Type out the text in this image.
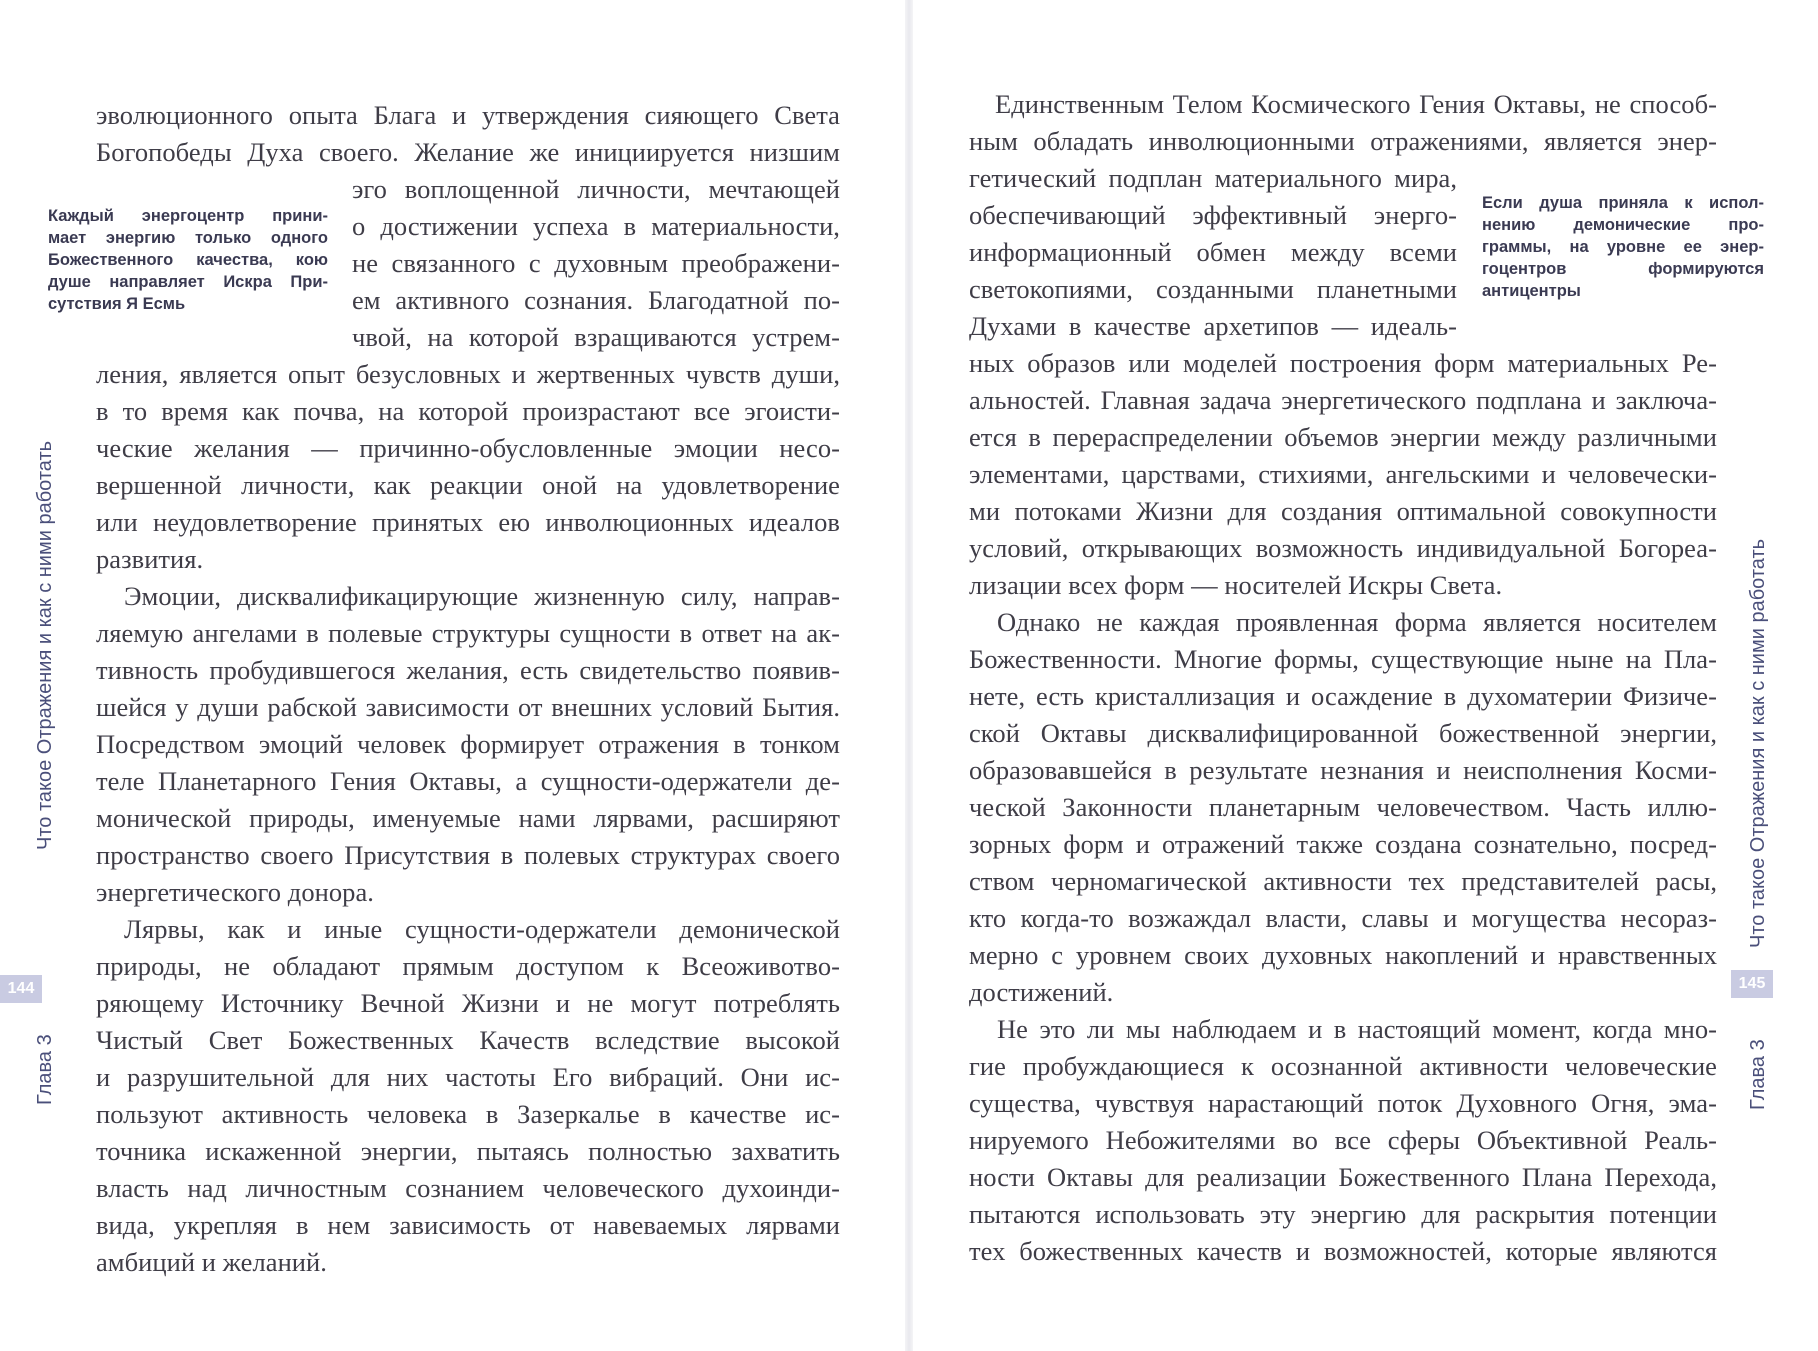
Что такое Отражения и как с ними работать
144
Глава 3
Каждый энергоцентр прини-
мает энергию только одного
Божественного качества, кою
душе направляет Искра При-
сутствия Я Есмь
эволюционного опыта Блага и утверждения сияющего Света
Богопобеды Духа своего. Желание же инициируется низшим
эго воплощенной личности, мечтающей
о достижении успеха в материальности,
не связанного с духовным преображени-
ем активного сознания. Благодатной по-
чвой, на которой взращиваются устрем-
ления, является опыт безусловных и жертвенных чувств души,
в то время как почва, на которой произрастают все эгоисти-
ческие желания — причинно-обусловленные эмоции несо-
вершенной личности, как реакции оной на удовлетворение
или неудовлетворение принятых ею инволюционных идеалов
развития.
Эмоции, дисквалификацирующие жизненную силу, направ-
ляемую ангелами в полевые структуры сущности в ответ на ак-
тивность пробудившегося желания, есть свидетельство появив-
шейся у души рабской зависимости от внешних условий Бытия.
Посредством эмоций человек формирует отражения в тонком
теле Планетарного Гения Октавы, а сущности-одержатели де-
монической природы, именуемые нами лярвами, расширяют
пространство своего Присутствия в полевых структурах своего
энергетического донора.
Лярвы, как и иные сущности-одержатели демонической
природы, не обладают прямым доступом к Всеоживотво-
ряющему Источнику Вечной Жизни и не могут потреблять
Чистый Свет Божественных Качеств вследствие высокой
и разрушительной для них частоты Его вибраций. Они ис-
пользуют активность человека в Зазеркалье в качестве ис-
точника искаженной энергии, пытаясь полностью захватить
власть над личностным сознанием человеческого духоинди-
вида, укрепляя в нем зависимость от навеваемых лярвами
амбиций и желаний.
Если душа приняла к испол-
нению демонические про-
граммы, на уровне ее энер-
гоцентров формируются
антицентры
Что такое Отражения и как с ними работать
145
Глава 3
Единственным Телом Космического Гения Октавы, не способ-
ным обладать инволюционными отражениями, является энер-
гетический подплан материального мира,
обеспечивающий эффективный энерго-
информационный обмен между всеми
светокопиями, созданными планетными
Духами в качестве архетипов — идеаль-
ных образов или моделей построения форм материальных Ре-
альностей. Главная задача энергетического подплана и заключа-
ется в перераспределении объемов энергии между различными
элементами, царствами, стихиями, ангельскими и человечески-
ми потоками Жизни для создания оптимальной совокупности
условий, открывающих возможность индивидуальной Богореа-
лизации всех форм — носителей Искры Света.
Однако не каждая проявленная форма является носителем
Божественности. Многие формы, существующие ныне на Пла-
нете, есть кристаллизация и осаждение в духоматерии Физиче-
ской Октавы дисквалифицированной божественной энергии,
образовавшейся в результате незнания и неисполнения Косми-
ческой Законности планетарным человечеством. Часть иллю-
зорных форм и отражений также создана сознательно, посред-
ством черномагической активности тех представителей расы,
кто когда-то возжаждал власти, славы и могущества несораз-
мерно с уровнем своих духовных накоплений и нравственных
достижений.
Не это ли мы наблюдаем и в настоящий момент, когда мно-
гие пробуждающиеся к осознанной активности человеческие
существа, чувствуя нарастающий поток Духовного Огня, эма-
нируемого Небожителями во все сферы Объективной Реаль-
ности Октавы для реализации Божественного Плана Перехода,
пытаются использовать эту энергию для раскрытия потенции
тех божественных качеств и возможностей, которые являются
